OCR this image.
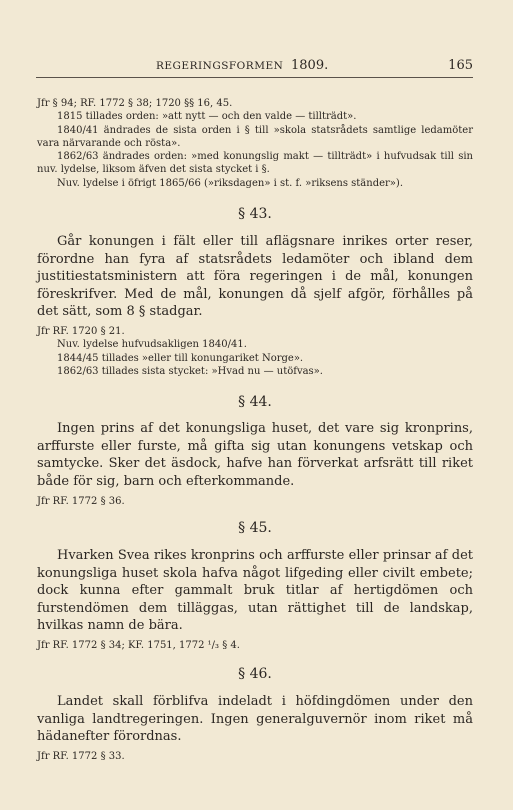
REGERINGSFORMEN 1809.	165

Jfr § 94; RF. 1772 § 38; 1720 §§ 16, 45.

1815 tillades orden: »att nytt — och den valde — tillträdt».

1840/41 ändrades de sista orden i § till »skola statsrådets samtlige ledamöter vara närvarande och rösta».

1862/63 ändrades orden: »med konungslig makt — tillträdt» i hufvudsak till sin nuv. lydelse, liksom äfven det sista stycket i §.

Nuv. lydelse i öfrigt 1865/66 (»riksdagen» i st. f. »riksens ständer»).

§ 43.

Går konungen i fält eller till aflägsnare inrikes orter reser, förordne han fyra af statsrådets ledamöter och ibland dem justitiestatsministern att föra regeringen i de mål, konungen föreskrifver. Med de mål, konungen då sjelf afgör, förhålles på det sätt, som 8 § stadgar.

Jfr RF. 1720 § 21.

Nuv. lydelse hufvudsakligen 1840/41.

1844/45 tillades »eller till konungariket Norge».

1862/63 tillades sista stycket: »Hvad nu — utöfvas».

§ 44.

Ingen prins af det konungsliga huset, det vare sig kronprins, arffurste eller furste, må gifta sig utan konungens vetskap och samtycke. Sker det äsdock, hafve han förverkat arfsrätt till riket både för sig, barn och efterkommande.

Jfr RF. 1772 § 36.

§ 45.

Hvarken Svea rikes kronprins och arffurste eller prinsar af det konungsliga huset skola hafva något lifgeding eller civilt embete; dock kunna efter gammalt bruk titlar af hertigdömen och furstendömen dem tilläggas, utan rättighet till de landskap, hvilkas namn de bära.

Jfr RF. 1772 § 34; KF. 1751, 1772 ¹/₃ § 4.

§ 46.

Landet skall förblifva indeladt i höfdingdömen under den vanliga landtregeringen. Ingen generalguvernör inom riket må hädanefter förordnas.

Jfr RF. 1772 § 33.
